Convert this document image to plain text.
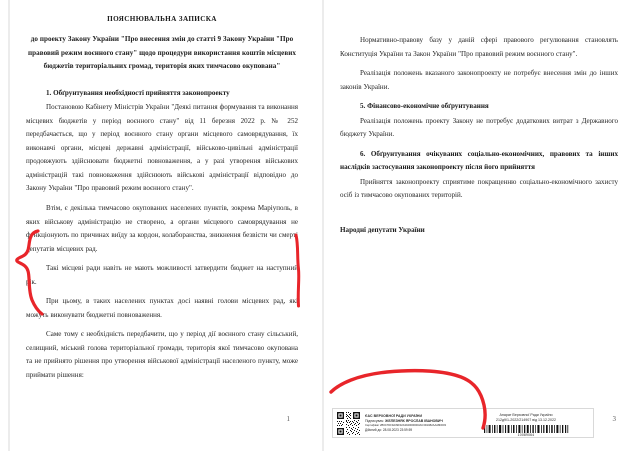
ПОЯСНЮВАЛЬНА ЗАПИСКА
до проекту Закону України "Про внесення змін до статті 9 Закону України "Про правовий режим воєнного стану" щодо процедури використання коштів місцевих бюджетів територіальних громад, територія яких тимчасово окупована"
1. Обґрунтування необхідності прийняття законопроекту

Постановою Кабінету Міністрів України "Деякі питання формування та виконання місцевих бюджетів у період воєнного стану" від 11 березня 2022 р. № 252 передбачається, що у період воєнного стану органи місцевого самоврядування, їх виконавчі органи, місцеві державні адміністрації, військово-цивільні адміністрації продовжують здійснювати бюджетні повноваження, а у разі утворення військових адміністрацій такі повноваження здійснюють військові адміністрації відповідно до Закону України "Про правовий режим воєнного стану".

Втім, є декілька тимчасово окупованих населених пунктів, зокрема Маріуполь, в яких військову адміністрацію не створено, а органи місцевого самоврядування не функціонують по причинах виїду за кордон, колаборанства, зникнення безвісти чи смерті депутатів місцевих рад.

Такі місцеві ради навіть не мають можливості затвердити бюджет на наступний рік.

При цьому, в таких населених пунктах досі наявні голови місцевих рад, які можуть виконувати бюджетні повноваження.

Саме тому є необхідність передбачити, що у період дії воєнного стану сільський, селищний, міський голова територіальної громади, територія якої тимчасово окупована та не прийнято рішення про утворення військової адміністрації населеного пункту, може приймати рішення:

1

Нормативно-правову базу у даній сфері правового регулювання становлять Конституція України та Закон України "Про правовий режим воєнного стану".

Реалізація положень вказаного законопроекту не потребує внесення змін до інших законів України.

5. Фінансово-економічне обґрунтування

Реалізація положень проекту Закону не потребує додаткових витрат з Державного бюджету України.

6. Обґрунтування очікуваних соціально-економічних, правових та інших наслідків застосування законопроекту після його прийняття

Прийняття законопроекту сприятиме покращенню соціально-економічного захисту осіб із тимчасово окупованих територій.

Народні депутати України
ЄАС ВЕРХОВНОЇ РАДИ УКРАЇНИ
Підписувач: ЖЕЛЕЗНЯК ЯРОСЛАВ ІВАНОВИЧ
Сертифікат 2B6C7DF9A39F02A3940000003AC3D1082AAA8D003
Дійсний до: 28.08.2023 23:59:59
Апарат Верховної Ради України
212д9/1-2022/214907 від 13.12.2022
10089064
3
